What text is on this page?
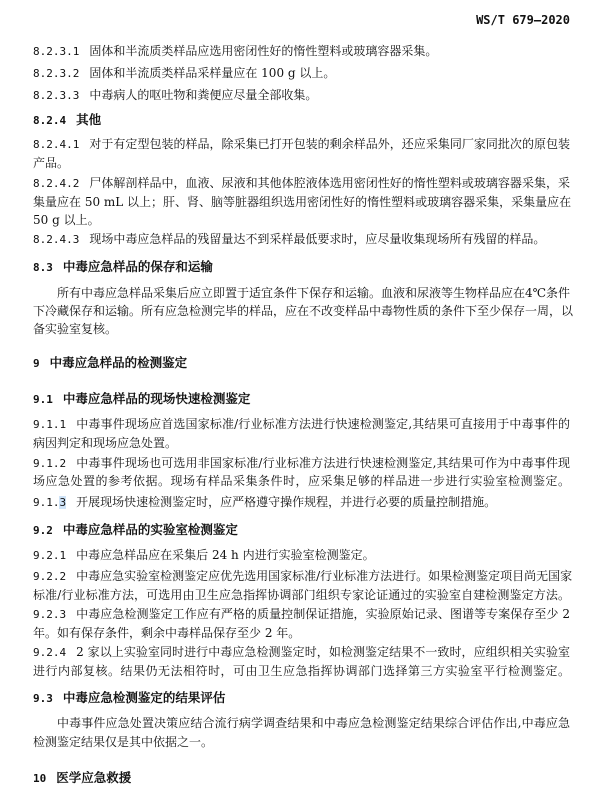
WS/T 679—2020
8.2.3.1 固体和半流质类样品应选用密闭性好的惰性塑料或玻璃容器采集。
8.2.3.2 固体和半流质类样品采样量应在 100 g 以上。
8.2.3.3 中毒病人的呕吐物和粪便应尽量全部收集。
8.2.4 其他
8.2.4.1 对于有定型包装的样品，除采集已打开包装的剩余样品外，还应采集同厂家同批次的原包装
产品。
8.2.4.2 尸体解剖样品中，血液、尿液和其他体腔液体选用密闭性好的惰性塑料或玻璃容器采集，采
集量应在 50 mL 以上；肝、肾、脑等脏器组织选用密闭性好的惰性塑料或玻璃容器采集，采集量应在
50 g 以上。
8.2.4.3 现场中毒应急样品的残留量达不到采样最低要求时，应尽量收集现场所有残留的样品。
8.3 中毒应急样品的保存和运输
所有中毒应急样品采集后应立即置于适宜条件下保存和运输。血液和尿液等生物样品应在4℃条件
下冷藏保存和运输。所有应急检测完毕的样品，应在不改变样品中毒物性质的条件下至少保存一周，以
备实验室复核。
9 中毒应急样品的检测鉴定
9.1 中毒应急样品的现场快速检测鉴定
9.1.1 中毒事件现场应首选国家标准/行业标准方法进行快速检测鉴定,其结果可直接用于中毒事件的
病因判定和现场应急处置。
9.1.2 中毒事件现场也可选用非国家标准/行业标准方法进行快速检测鉴定,其结果可作为中毒事件现
场应急处置的参考依据。现场有样品采集条件时，应采集足够的样品进一步进行实验室检测鉴定。
9.1.3 开展现场快速检测鉴定时，应严格遵守操作规程，并进行必要的质量控制措施。
9.2 中毒应急样品的实验室检测鉴定
9.2.1 中毒应急样品应在采集后 24 h 内进行实验室检测鉴定。
9.2.2 中毒应急实验室检测鉴定应优先选用国家标准/行业标准方法进行。如果检测鉴定项目尚无国家
标准/行业标准方法，可选用由卫生应急指挥协调部门组织专家论证通过的实验室自建检测鉴定方法。
9.2.3 中毒应急检测鉴定工作应有严格的质量控制保证措施，实验原始记录、图谱等专案保存至少 2
年。如有保存条件，剩余中毒样品保存至少 2 年。
9.2.4 2 家以上实验室同时进行中毒应急检测鉴定时，如检测鉴定结果不一致时，应组织相关实验室
进行内部复核。结果仍无法相符时，可由卫生应急指挥协调部门选择第三方实验室平行检测鉴定。
9.3 中毒应急检测鉴定的结果评估
中毒事件应急处置决策应结合流行病学调查结果和中毒应急检测鉴定结果综合评估作出,中毒应急
检测鉴定结果仅是其中依据之一。
10 医学应急救援
